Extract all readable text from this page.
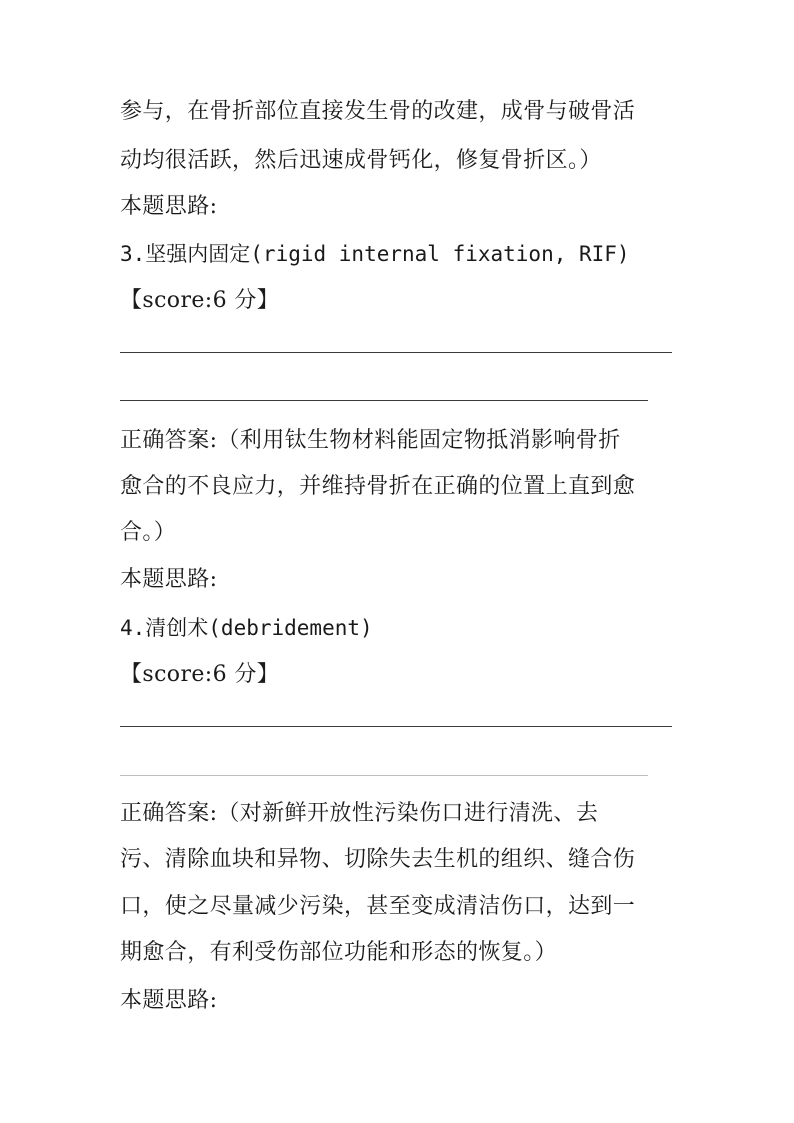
参与，在骨折部位直接发生骨的改建，成骨与破骨活
动均很活跃，然后迅速成骨钙化，修复骨折区。）
本题思路:
3.坚强内固定(rigid internal fixation, RIF)
【score:6 分】
正确答案:（利用钛生物材料能固定物抵消影响骨折
愈合的不良应力，并维持骨折在正确的位置上直到愈
合。）
本题思路:
4.清创术(debridement)
【score:6 分】
正确答案:（对新鲜开放性污染伤口进行清洗、去
污、清除血块和异物、切除失去生机的组织、缝合伤
口，使之尽量减少污染，甚至变成清洁伤口，达到一
期愈合，有利受伤部位功能和形态的恢复。）
本题思路:
